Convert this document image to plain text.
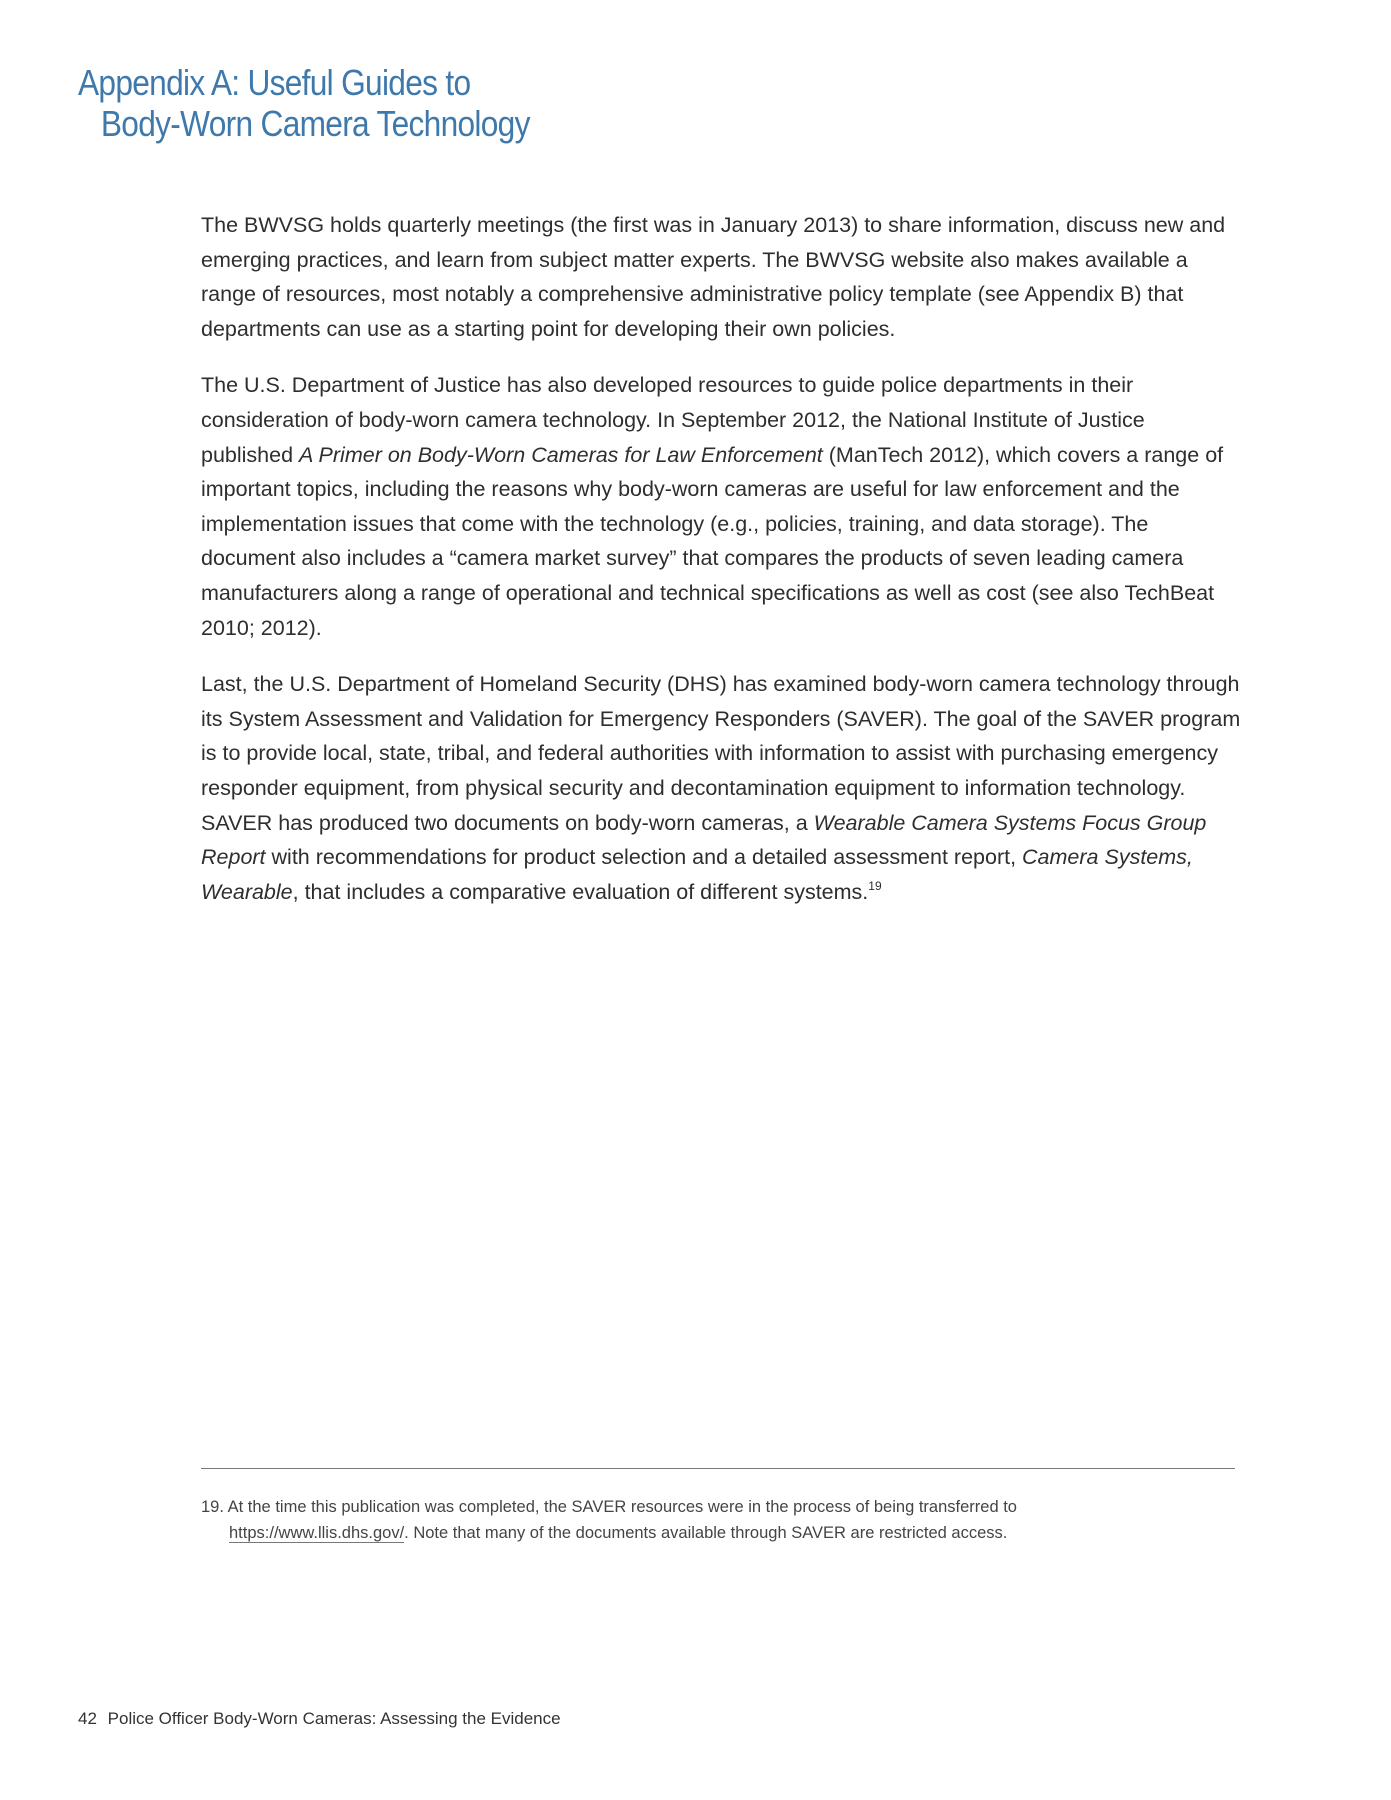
Appendix A: Useful Guides to
Body-Worn Camera Technology

The BWVSG holds quarterly meetings (the first was in January 2013) to share information, discuss new and emerging practices, and learn from subject matter experts. The BWVSG website also makes available a range of resources, most notably a comprehensive administrative policy template (see Appendix B) that departments can use as a starting point for developing their own policies.

The U.S. Department of Justice has also developed resources to guide police departments in their consideration of body-worn camera technology. In September 2012, the National Institute of Justice published A Primer on Body-Worn Cameras for Law Enforcement (ManTech 2012), which covers a range of important topics, including the reasons why body-worn cameras are useful for law enforcement and the implementation issues that come with the technology (e.g., policies, training, and data storage). The document also includes a “camera market survey” that compares the products of seven leading camera manufacturers along a range of operational and technical specifications as well as cost (see also TechBeat 2010; 2012).

Last, the U.S. Department of Homeland Security (DHS) has examined body-worn camera technology through its System Assessment and Validation for Emergency Responders (SAVER). The goal of the SAVER program is to provide local, state, tribal, and federal authorities with information to assist with purchasing emergency responder equipment, from physical security and decontamination equipment to information technology. SAVER has produced two documents on body-worn cameras, a Wearable Camera Systems Focus Group Report with recommendations for product selection and a detailed assessment report, Camera Systems, Wearable, that includes a comparative evaluation of different systems.$^{19}$

19. At the time this publication was completed, the SAVER resources were in the process of being transferred to
https://www.llis.dhs.gov/. Note that many of the documents available through SAVER are restricted access.
42 Police Officer Body-Worn Cameras: Assessing the Evidence
